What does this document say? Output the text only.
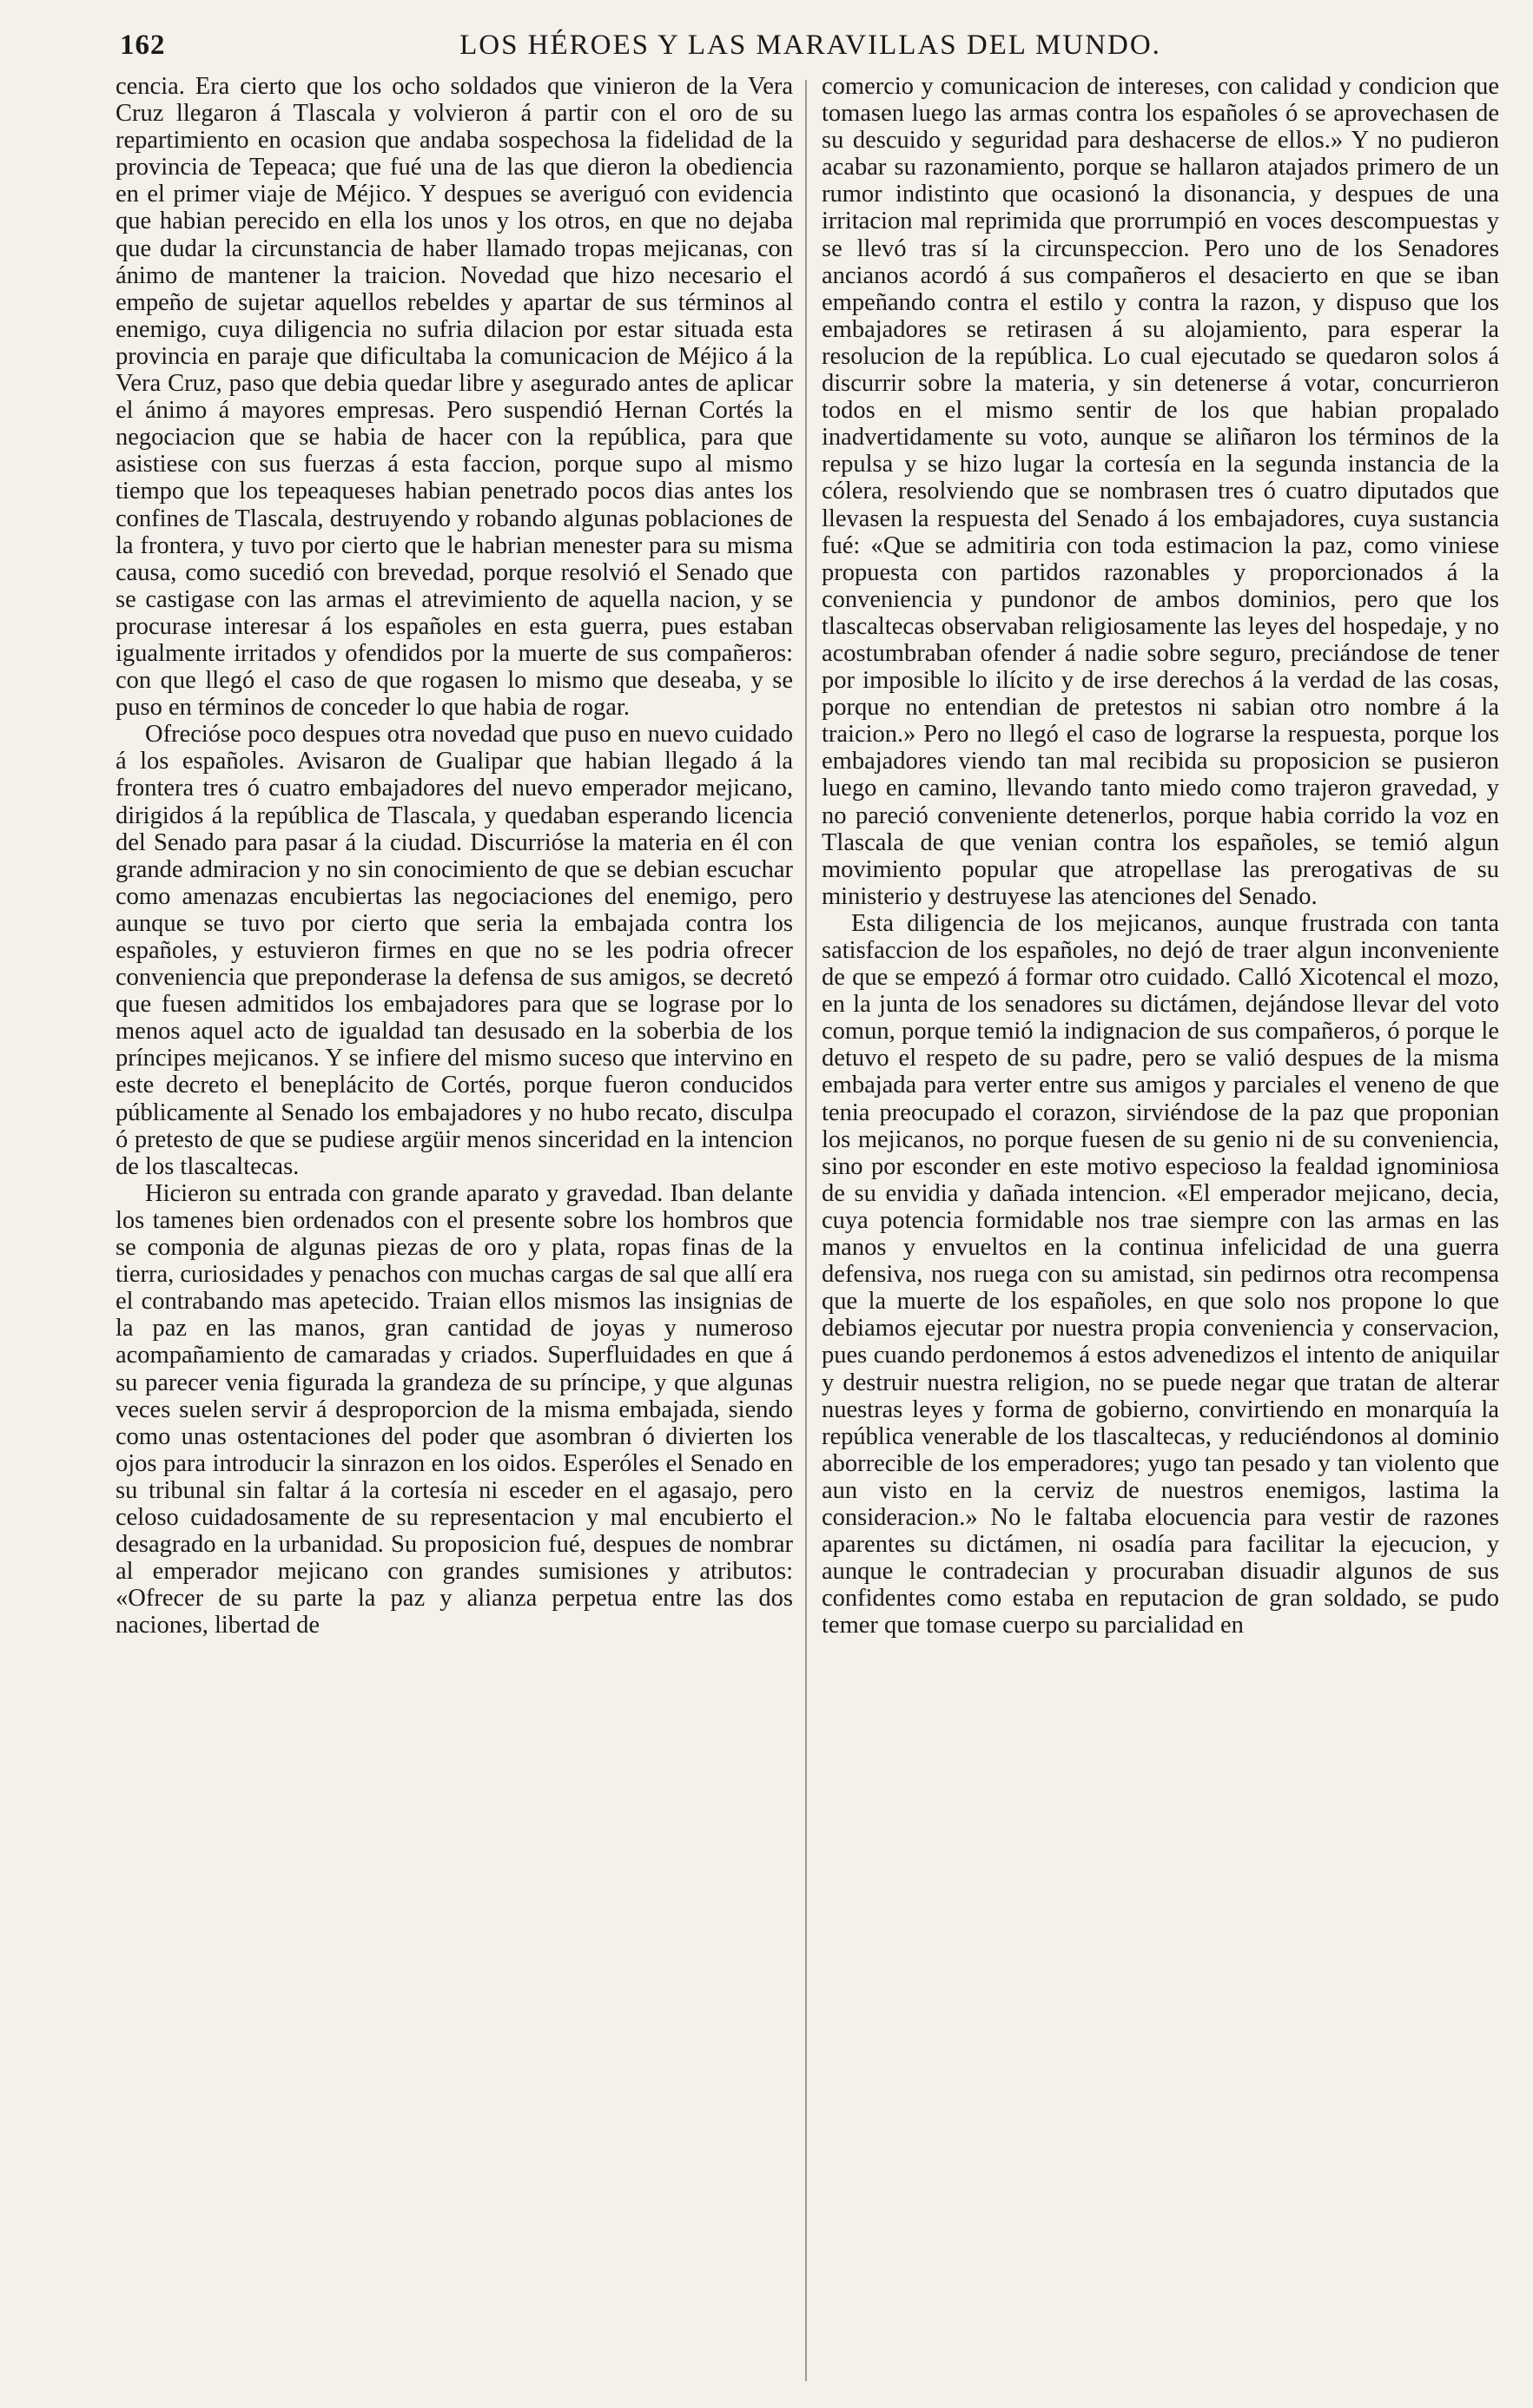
162	LOS HÉROES Y LAS MARAVILLAS DEL MUNDO.

cencia. Era cierto que los ocho soldados que vinieron de la Vera Cruz llegaron á Tlascala y volvieron á partir con el oro de su repartimiento en ocasion que andaba sospechosa la fidelidad de la provincia de Tepeaca; que fué una de las que dieron la obediencia en el primer viaje de Méjico. Y despues se averiguó con evidencia que habian perecido en ella los unos y los otros, en que no dejaba que dudar la circunstancia de haber llamado tropas mejicanas, con ánimo de mantener la traicion. Novedad que hizo necesario el empeño de sujetar aquellos rebeldes y apartar de sus términos al enemigo, cuya diligencia no sufria dilacion por estar situada esta provincia en paraje que dificultaba la comunicacion de Méjico á la Vera Cruz, paso que debia quedar libre y asegurado antes de aplicar el ánimo á mayores empresas. Pero suspendió Hernan Cortés la negociacion que se habia de hacer con la república, para que asistiese con sus fuerzas á esta faccion, porque supo al mismo tiempo que los tepeaqueses habian penetrado pocos dias antes los confines de Tlascala, destruyendo y robando algunas poblaciones de la frontera, y tuvo por cierto que le habrian menester para su misma causa, como sucedió con brevedad, porque resolvió el Senado que se castigase con las armas el atrevimiento de aquella nacion, y se procurase interesar á los españoles en esta guerra, pues estaban igualmente irritados y ofendidos por la muerte de sus compañeros: con que llegó el caso de que rogasen lo mismo que deseaba, y se puso en términos de conceder lo que habia de rogar.

Ofrecióse poco despues otra novedad que puso en nuevo cuidado á los españoles. Avisaron de Gualipar que habian llegado á la frontera tres ó cuatro embajadores del nuevo emperador mejicano, dirigidos á la república de Tlascala, y quedaban esperando licencia del Senado para pasar á la ciudad. Discurrióse la materia en él con grande admiracion y no sin conocimiento de que se debian escuchar como amenazas encubiertas las negociaciones del enemigo, pero aunque se tuvo por cierto que seria la embajada contra los españoles, y estuvieron firmes en que no se les podria ofrecer conveniencia que preponderase la defensa de sus amigos, se decretó que fuesen admitidos los embajadores para que se lograse por lo menos aquel acto de igualdad tan desusado en la soberbia de los príncipes mejicanos. Y se infiere del mismo suceso que intervino en este decreto el beneplácito de Cortés, porque fueron conducidos públicamente al Senado los embajadores y no hubo recato, disculpa ó pretesto de que se pudiese argüir menos sinceridad en la intencion de los tlascaltecas.

Hicieron su entrada con grande aparato y gravedad. Iban delante los tamenes bien ordenados con el presente sobre los hombros que se componia de algunas piezas de oro y plata, ropas finas de la tierra, curiosidades y penachos con muchas cargas de sal que allí era el contrabando mas apetecido. Traian ellos mismos las insignias de la paz en las manos, gran cantidad de joyas y numeroso acompañamiento de camaradas y criados. Superfluidades en que á su parecer venia figurada la grandeza de su príncipe, y que algunas veces suelen servir á desproporcion de la misma embajada, siendo como unas ostentaciones del poder que asombran ó divierten los ojos para introducir la sinrazon en los oidos. Esperóles el Senado en su tribunal sin faltar á la cortesía ni esceder en el agasajo, pero celoso cuidadosamente de su representacion y mal encubierto el desagrado en la urbanidad. Su proposicion fué, despues de nombrar al emperador mejicano con grandes sumisiones y atributos: «Ofrecer de su parte la paz y alianza perpetua entre las dos naciones, libertad de

comercio y comunicacion de intereses, con calidad y condicion que tomasen luego las armas contra los españoles ó se aprovechasen de su descuido y seguridad para deshacerse de ellos.» Y no pudieron acabar su razonamiento, porque se hallaron atajados primero de un rumor indistinto que ocasionó la disonancia, y despues de una irritacion mal reprimida que prorrumpió en voces descompuestas y se llevó tras sí la circunspeccion. Pero uno de los Senadores ancianos acordó á sus compañeros el desacierto en que se iban empeñando contra el estilo y contra la razon, y dispuso que los embajadores se retirasen á su alojamiento, para esperar la resolucion de la república. Lo cual ejecutado se quedaron solos á discurrir sobre la materia, y sin detenerse á votar, concurrieron todos en el mismo sentir de los que habian propalado inadvertidamente su voto, aunque se aliñaron los términos de la repulsa y se hizo lugar la cortesía en la segunda instancia de la cólera, resolviendo que se nombrasen tres ó cuatro diputados que llevasen la respuesta del Senado á los embajadores, cuya sustancia fué: «Que se admitiria con toda estimacion la paz, como viniese propuesta con partidos razonables y proporcionados á la conveniencia y pundonor de ambos dominios, pero que los tlascaltecas observaban religiosamente las leyes del hospedaje, y no acostumbraban ofender á nadie sobre seguro, preciándose de tener por imposible lo ilícito y de irse derechos á la verdad de las cosas, porque no entendian de pretestos ni sabian otro nombre á la traicion.» Pero no llegó el caso de lograrse la respuesta, porque los embajadores viendo tan mal recibida su proposicion se pusieron luego en camino, llevando tanto miedo como trajeron gravedad, y no pareció conveniente detenerlos, porque habia corrido la voz en Tlascala de que venian contra los españoles, se temió algun movimiento popular que atropellase las prerogativas de su ministerio y destruyese las atenciones del Senado.

Esta diligencia de los mejicanos, aunque frustrada con tanta satisfaccion de los españoles, no dejó de traer algun inconveniente de que se empezó á formar otro cuidado. Calló Xicotencal el mozo, en la junta de los senadores su dictámen, dejándose llevar del voto comun, porque temió la indignacion de sus compañeros, ó porque le detuvo el respeto de su padre, pero se valió despues de la misma embajada para verter entre sus amigos y parciales el veneno de que tenia preocupado el corazon, sirviéndose de la paz que proponian los mejicanos, no porque fuesen de su genio ni de su conveniencia, sino por esconder en este motivo especioso la fealdad ignominiosa de su envidia y dañada intencion. «El emperador mejicano, decia, cuya potencia formidable nos trae siempre con las armas en las manos y envueltos en la continua infelicidad de una guerra defensiva, nos ruega con su amistad, sin pedirnos otra recompensa que la muerte de los españoles, en que solo nos propone lo que debiamos ejecutar por nuestra propia conveniencia y conservacion, pues cuando perdonemos á estos advenedizos el intento de aniquilar y destruir nuestra religion, no se puede negar que tratan de alterar nuestras leyes y forma de gobierno, convirtiendo en monarquía la república venerable de los tlascaltecas, y reduciéndonos al dominio aborrecible de los emperadores; yugo tan pesado y tan violento que aun visto en la cerviz de nuestros enemigos, lastima la consideracion.» No le faltaba elocuencia para vestir de razones aparentes su dictámen, ni osadía para facilitar la ejecucion, y aunque le contradecian y procuraban disuadir algunos de sus confidentes como estaba en reputacion de gran soldado, se pudo temer que tomase cuerpo su parcialidad en
